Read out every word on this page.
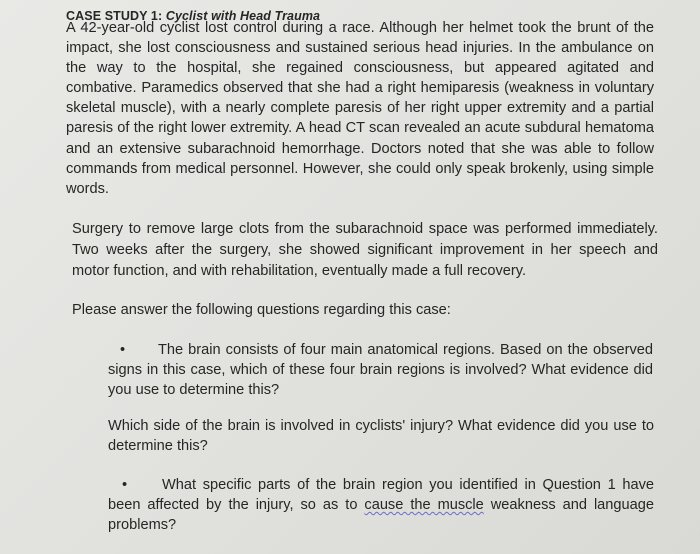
CASE STUDY 1: Cyclist with Head Trauma
A 42-year-old cyclist lost control during a race. Although her helmet took the brunt of the impact, she lost consciousness and sustained serious head injuries. In the ambulance on the way to the hospital, she regained consciousness, but appeared agitated and combative. Paramedics observed that she had a right hemiparesis (weakness in voluntary skeletal muscle), with a nearly complete paresis of her right upper extremity and a partial paresis of the right lower extremity. A head CT scan revealed an acute subdural hematoma and an extensive subarachnoid hemorrhage. Doctors noted that she was able to follow commands from medical personnel. However, she could only speak brokenly, using simple words.
Surgery to remove large clots from the subarachnoid space was performed immediately. Two weeks after the surgery, she showed significant improvement in her speech and motor function, and with rehabilitation, eventually made a full recovery.
Please answer the following questions regarding this case:
• The brain consists of four main anatomical regions. Based on the observed signs in this case, which of these four brain regions is involved? What evidence did you use to determine this?
Which side of the brain is involved in cyclists' injury? What evidence did you use to determine this?
• What specific parts of the brain region you identified in Question 1 have been affected by the injury, so as to cause the muscle weakness and language problems?
